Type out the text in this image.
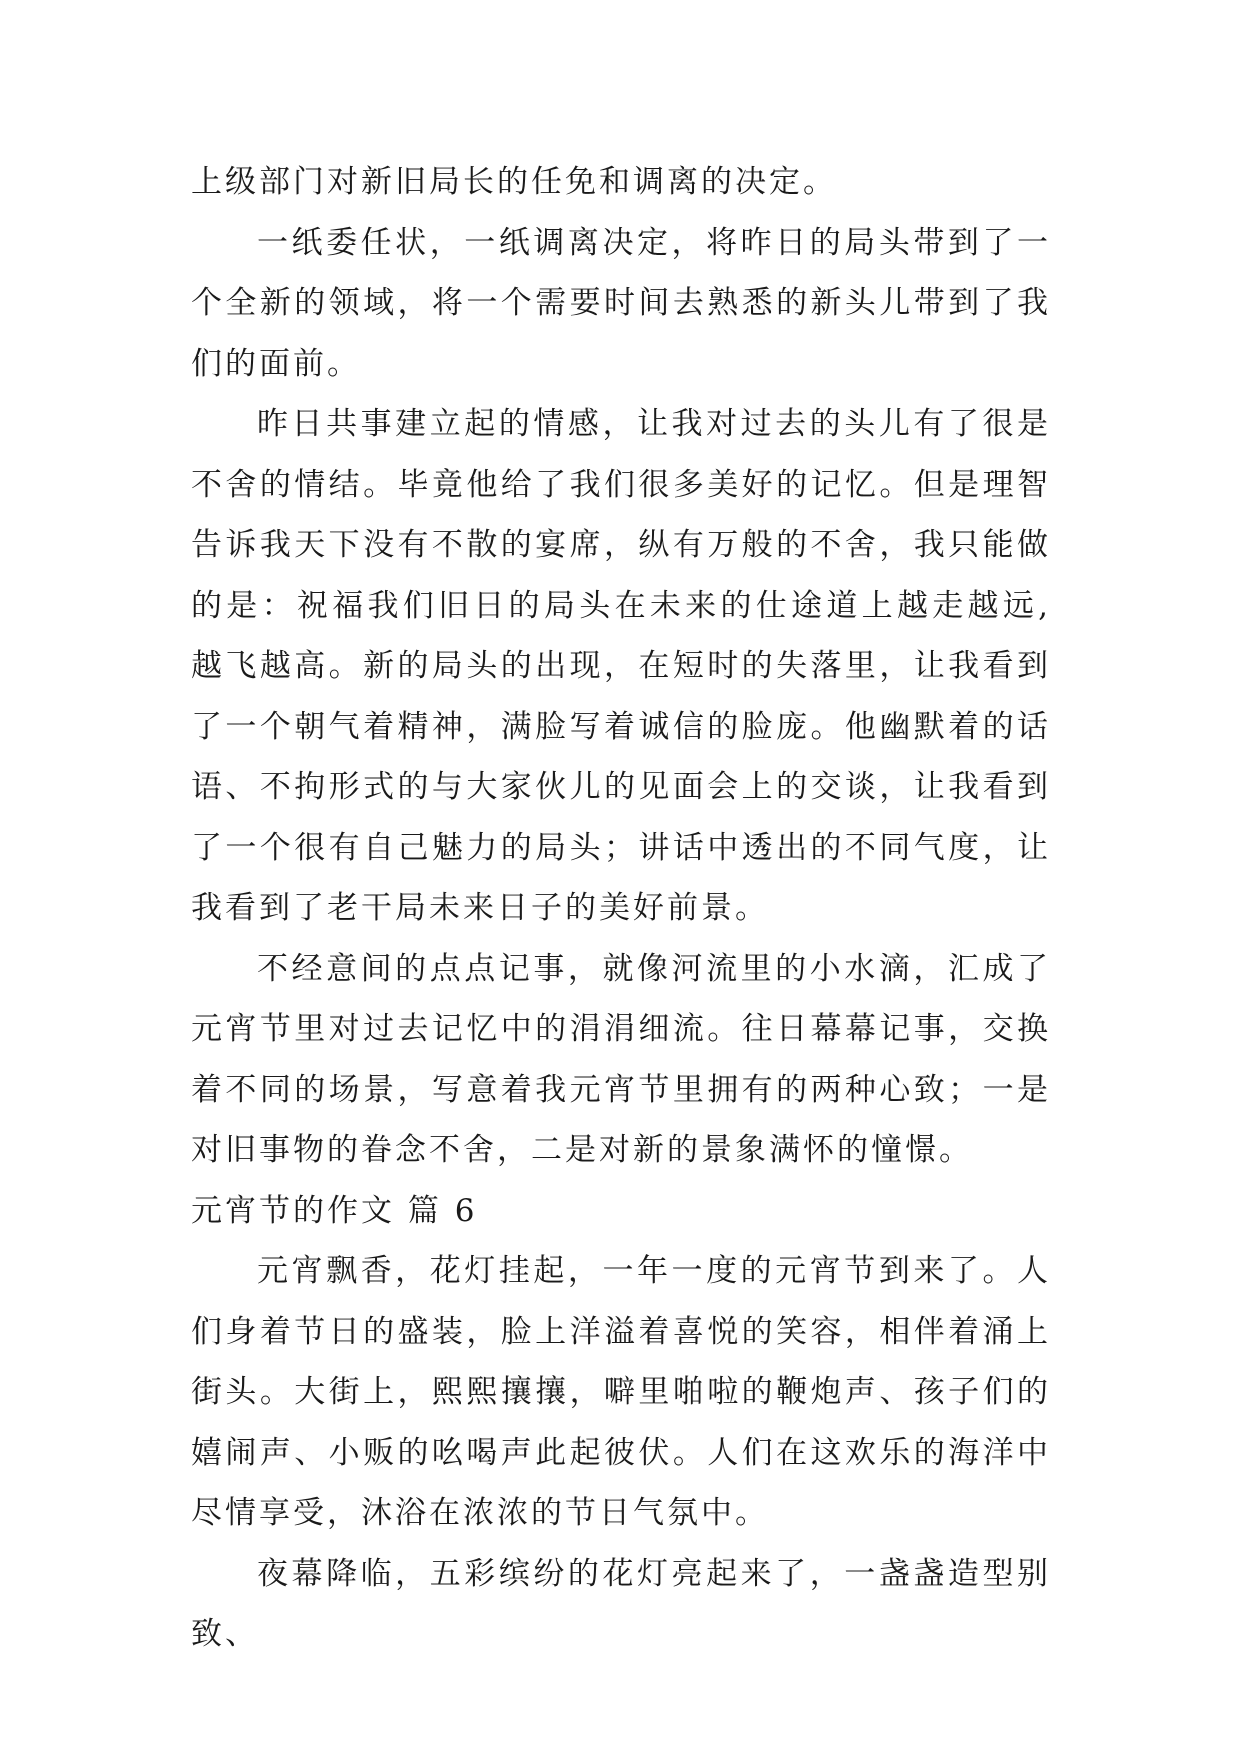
上级部门对新旧局长的任免和调离的决定。

一纸委任状，一纸调离决定，将昨日的局头带到了一个全新的领域，将一个需要时间去熟悉的新头儿带到了我们的面前。

昨日共事建立起的情感，让我对过去的头儿有了很是不舍的情结。毕竟他给了我们很多美好的记忆。但是理智告诉我天下没有不散的宴席，纵有万般的不舍，我只能做的是：祝福我们旧日的局头在未来的仕途道上越走越远,越飞越高。新的局头的出现，在短时的失落里，让我看到了一个朝气着精神，满脸写着诚信的脸庞。他幽默着的话语、不拘形式的与大家伙儿的见面会上的交谈，让我看到了一个很有自己魅力的局头；讲话中透出的不同气度，让我看到了老干局未来日子的美好前景。

不经意间的点点记事，就像河流里的小水滴，汇成了元宵节里对过去记忆中的涓涓细流。往日幕幕记事，交换着不同的场景，写意着我元宵节里拥有的两种心致；一是对旧事物的眷念不舍，二是对新的景象满怀的憧憬。

元宵节的作文 篇 6

元宵飘香，花灯挂起，一年一度的元宵节到来了。人们身着节日的盛装，脸上洋溢着喜悦的笑容，相伴着涌上街头。大街上，熙熙攘攘，噼里啪啦的鞭炮声、孩子们的嬉闹声、小贩的吆喝声此起彼伏。人们在这欢乐的海洋中尽情享受，沐浴在浓浓的节日气氛中。

夜幕降临，五彩缤纷的花灯亮起来了，一盏盏造型别致、
